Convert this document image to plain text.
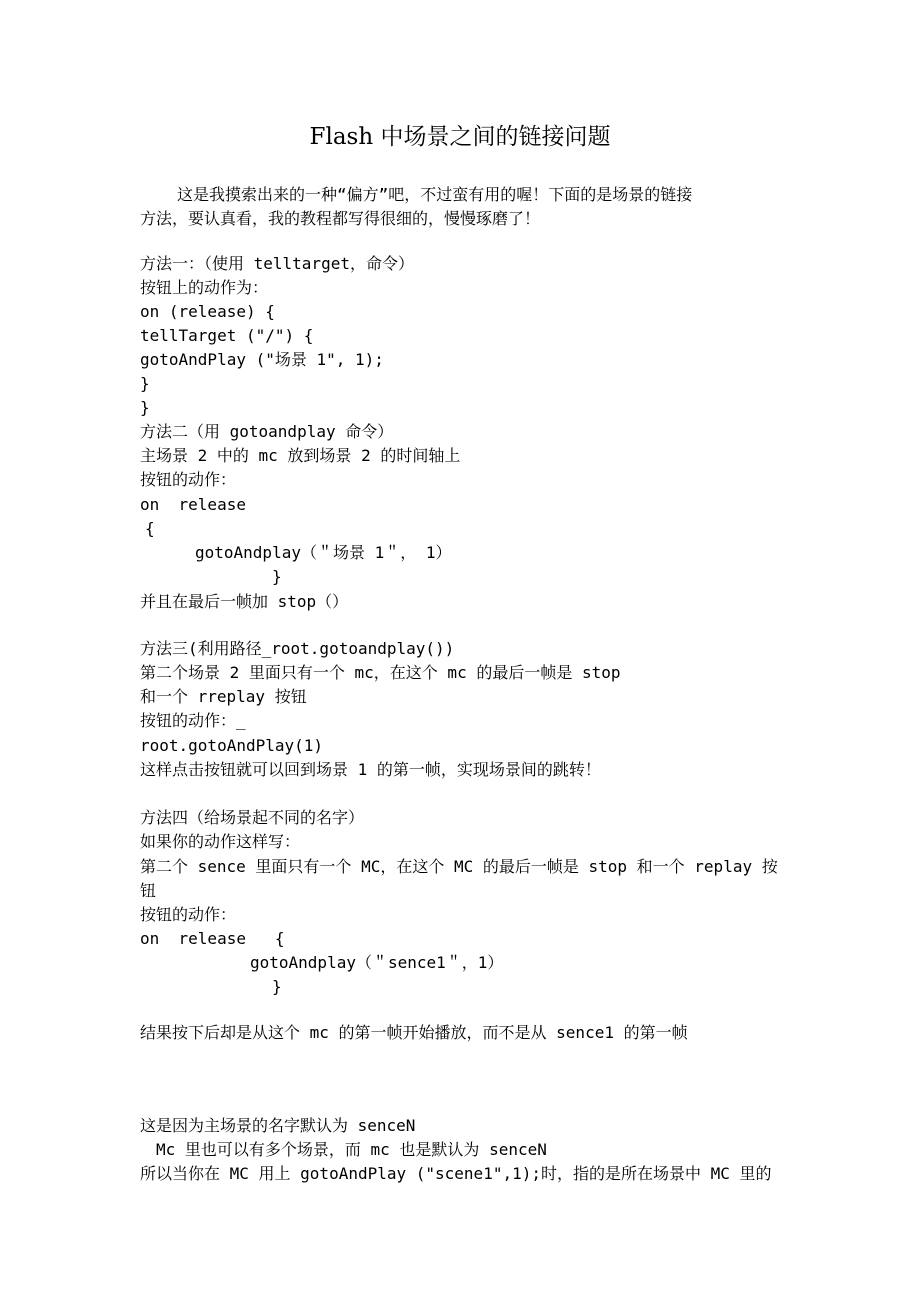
Flash 中场景之间的链接问题
这是我摸索出来的一种“偏方”吧，不过蛮有用的喔！下面的是场景的链接
方法，要认真看，我的教程都写得很细的，慢慢琢磨了！
方法一：（使用 telltarget，命令）
按钮上的动作为：
on (release) {
tellTarget ("/") {
gotoAndPlay ("场景 1", 1);
}
}
方法二（用 gotoandplay 命令）
主场景 2 中的 mc 放到场景 2 的时间轴上
按钮的动作：
on  release
{
gotoAndplay（＂场景 1＂， 1）
}
并且在最后一帧加 stop（）
方法三(利用路径_root.gotoandplay())
第二个场景 2 里面只有一个 mc，在这个 mc 的最后一帧是 stop
和一个 rreplay 按钮
按钮的动作：_
root.gotoAndPlay(1)
这样点击按钮就可以回到场景 1 的第一帧，实现场景间的跳转！
方法四（给场景起不同的名字）
如果你的动作这样写：
第二个 sence 里面只有一个 MC，在这个 MC 的最后一帧是 stop 和一个 replay 按
钮
按钮的动作：
on  release   {
gotoAndplay（＂sence1＂，1）
}
结果按下后却是从这个 mc 的第一帧开始播放，而不是从 sence1 的第一帧
这是因为主场景的名字默认为 senceN
Mc 里也可以有多个场景，而 mc 也是默认为 senceN
所以当你在 MC 用上 gotoAndPlay ("scene1",1);时，指的是所在场景中 MC 里的
